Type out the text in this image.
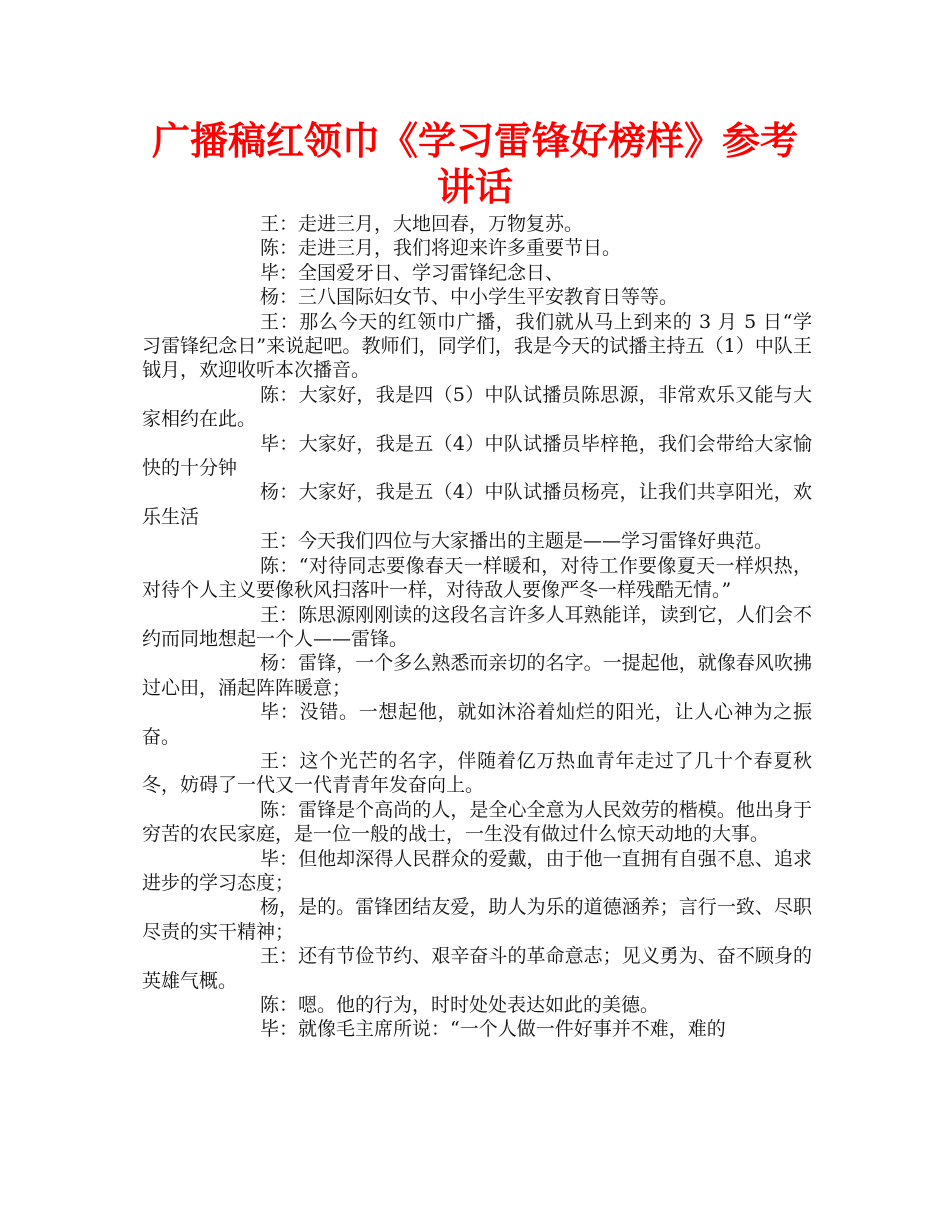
广播稿红领巾《学习雷锋好榜样》参考讲话

王：走进三月，大地回春，万物复苏。

陈：走进三月，我们将迎来许多重要节日。

毕：全国爱牙日、学习雷锋纪念日、

杨：三八国际妇女节、中小学生平安教育日等等。

王：那么今天的红领巾广播，我们就从马上到来的 3 月 5 日“学习雷锋纪念日”来说起吧。教师们，同学们，我是今天的试播主持五（1）中队王钺月，欢迎收听本次播音。

陈：大家好，我是四（5）中队试播员陈思源，非常欢乐又能与大家相约在此。

毕：大家好，我是五（4）中队试播员毕梓艳，我们会带给大家愉快的十分钟

杨：大家好，我是五（4）中队试播员杨亮，让我们共享阳光，欢乐生活

王：今天我们四位与大家播出的主题是——学习雷锋好典范。

陈：“对待同志要像春天一样暖和，对待工作要像夏天一样炽热，对待个人主义要像秋风扫落叶一样，对待敌人要像严冬一样残酷无情。”

王：陈思源刚刚读的这段名言许多人耳熟能详，读到它，人们会不约而同地想起一个人——雷锋。

杨：雷锋，一个多么熟悉而亲切的名字。一提起他，就像春风吹拂过心田，涌起阵阵暖意；

毕：没错。一想起他，就如沐浴着灿烂的阳光，让人心神为之振奋。

王：这个光芒的名字，伴随着亿万热血青年走过了几十个春夏秋冬，妨碍了一代又一代青青年发奋向上。

陈：雷锋是个高尚的人，是全心全意为人民效劳的楷模。他出身于穷苦的农民家庭，是一位一般的战士，一生没有做过什么惊天动地的大事。

毕：但他却深得人民群众的爱戴，由于他一直拥有自强不息、追求进步的学习态度；

杨，是的。雷锋团结友爱，助人为乐的道德涵养；言行一致、尽职尽责的实干精神；

王：还有节俭节约、艰辛奋斗的革命意志；见义勇为、奋不顾身的英雄气概。

陈：嗯。他的行为，时时处处表达如此的美德。

毕：就像毛主席所说：“一个人做一件好事并不难，难的
